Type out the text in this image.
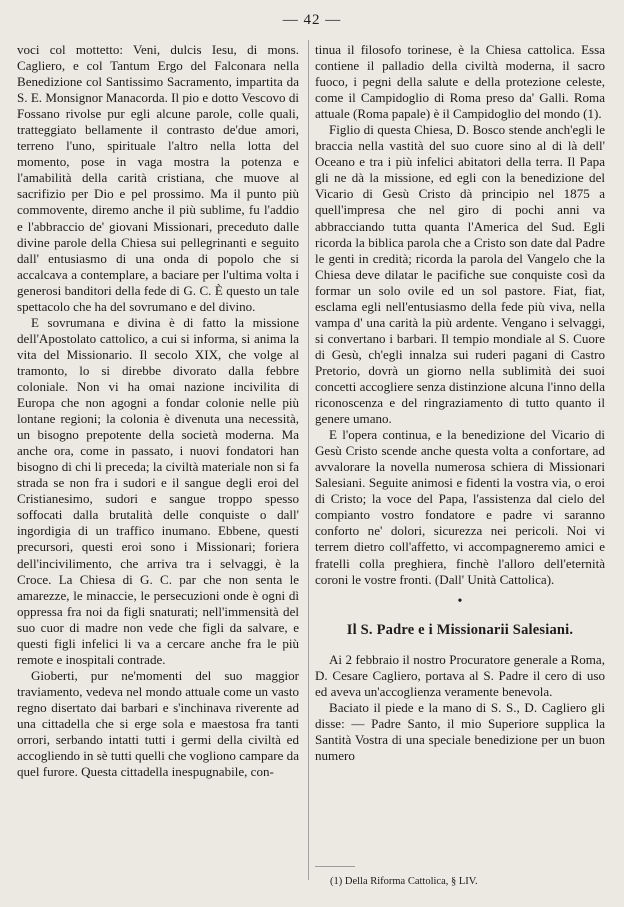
— 42 —

voci col mottetto: Veni, dulcis Iesu, di mons. Cagliero, e col Tantum Ergo del Falconara nella Benedizione col Santissimo Sacramento, impartita da S. E. Monsignor Manacorda. Il pio e dotto Vescovo di Fossano rivolse pur egli alcune parole, colle quali, tratteggiato bellamente il contrasto de'due amori, terreno l'uno, spirituale l'altro nella lotta del momento, pose in vaga mostra la potenza e l'amabilità della carità cristiana, che muove al sacrifizio per Dio e pel prossimo. Ma il punto più commovente, diremo anche il più sublime, fu l'addio e l'abbraccio de' giovani Missionari, preceduto dalle divine parole della Chiesa sui pellegrinanti e seguito dall' entusiasmo di una onda di popolo che si accalcava a contemplare, a baciare per l'ultima volta i generosi banditori della fede di G. C. È questo un tale spettacolo che ha del sovrumano e del divino.

E sovrumana e divina è di fatto la missione dell'Apostolato cattolico, a cui si informa, si anima la vita del Missionario. Il secolo XIX, che volge al tramonto, lo si direbbe divorato dalla febbre coloniale. Non vi ha omai nazione incivilita di Europa che non agogni a fondar colonie nelle più lontane regioni; la colonia è divenuta una necessità, un bisogno prepotente della società moderna. Ma anche ora, come in passato, i nuovi fondatori han bisogno di chi li preceda; la civiltà materiale non si fa strada se non fra i sudori e il sangue degli eroi del Cristianesimo, sudori e sangue troppo spesso soffocati dalla brutalità delle conquiste o dall' ingordigia di un traffico inumano. Ebbene, questi precursori, questi eroi sono i Missionari; foriera dell'incivilimento, che arriva tra i selvaggi, è la Croce. La Chiesa di G. C. par che non senta le amarezze, le minaccie, le persecuzioni onde è ogni dì oppressa fra noi da figli snaturati; nell'immensità del suo cuor di madre non vede che figli da salvare, e questi figli infelici li va a cercare anche fra le più remote e inospitali contrade.

Gioberti, pur ne'momenti del suo maggior traviamento, vedeva nel mondo attuale come un vasto regno disertato dai barbari e s'inchinava riverente ad una cittadella che si erge sola e maestosa fra tanti orrori, serbando intatti tutti i germi della civiltà ed accogliendo in sè tutti quelli che vogliono campare da quel furore. Questa cittadella inespugnabile, con-

tinua il filosofo torinese, è la Chiesa cattolica. Essa contiene il palladio della civiltà moderna, il sacro fuoco, i pegni della salute e della protezione celeste, come il Campidoglio di Roma preso da' Galli. Roma attuale (Roma papale) è il Campidoglio del mondo (1).

Figlio di questa Chiesa, D. Bosco stende anch'egli le braccia nella vastità del suo cuore sino al di là dell' Oceano e tra i più infelici abitatori della terra. Il Papa gli ne dà la missione, ed egli con la benedizione del Vicario di Gesù Cristo dà principio nel 1875 a quell'impresa che nel giro di pochi anni va abbracciando tutta quanta l'America del Sud. Egli ricorda la biblica parola che a Cristo son date dal Padre le genti in credità; ricorda la parola del Vangelo che la Chiesa deve dilatar le pacifiche sue conquiste così da formar un solo ovile ed un sol pastore. Fiat, fiat, esclama egli nell'entusiasmo della fede più viva, nella vampa d' una carità la più ardente. Vengano i selvaggi, si convertano i barbari. Il tempio mondiale al S. Cuore di Gesù, ch'egli innalza sui ruderi pagani di Castro Pretorio, dovrà un giorno nella sublimità dei suoi concetti accogliere senza distinzione alcuna l'inno della riconoscenza e del ringraziamento di tutto quanto il genere umano.

E l'opera continua, e la benedizione del Vicario di Gesù Cristo scende anche questa volta a confortare, ad avvalorare la novella numerosa schiera di Missionari Salesiani. Seguite animosi e fidenti la vostra via, o eroi di Cristo; la voce del Papa, l'assistenza dal cielo del compianto vostro fondatore e padre vi saranno conforto ne' dolori, sicurezza nei pericoli. Noi vi terrem dietro coll'affetto, vi accompagneremo amici e fratelli colla preghiera, finchè l'alloro dell'eternità coroni le vostre fronti. (Dall' Unità Cattolica).

•
Il S. Padre e i Missionarii Salesiani.

Ai 2 febbraio il nostro Procuratore generale a Roma, D. Cesare Cagliero, portava al S. Padre il cero di uso ed aveva un'accoglienza veramente benevola.

Baciato il piede e la mano di S. S., D. Cagliero gli disse: — Padre Santo, il mio Superiore supplica la Santità Vostra di una speciale benedizione per un buon numero

(1) Della Riforma Cattolica, § LIV.
